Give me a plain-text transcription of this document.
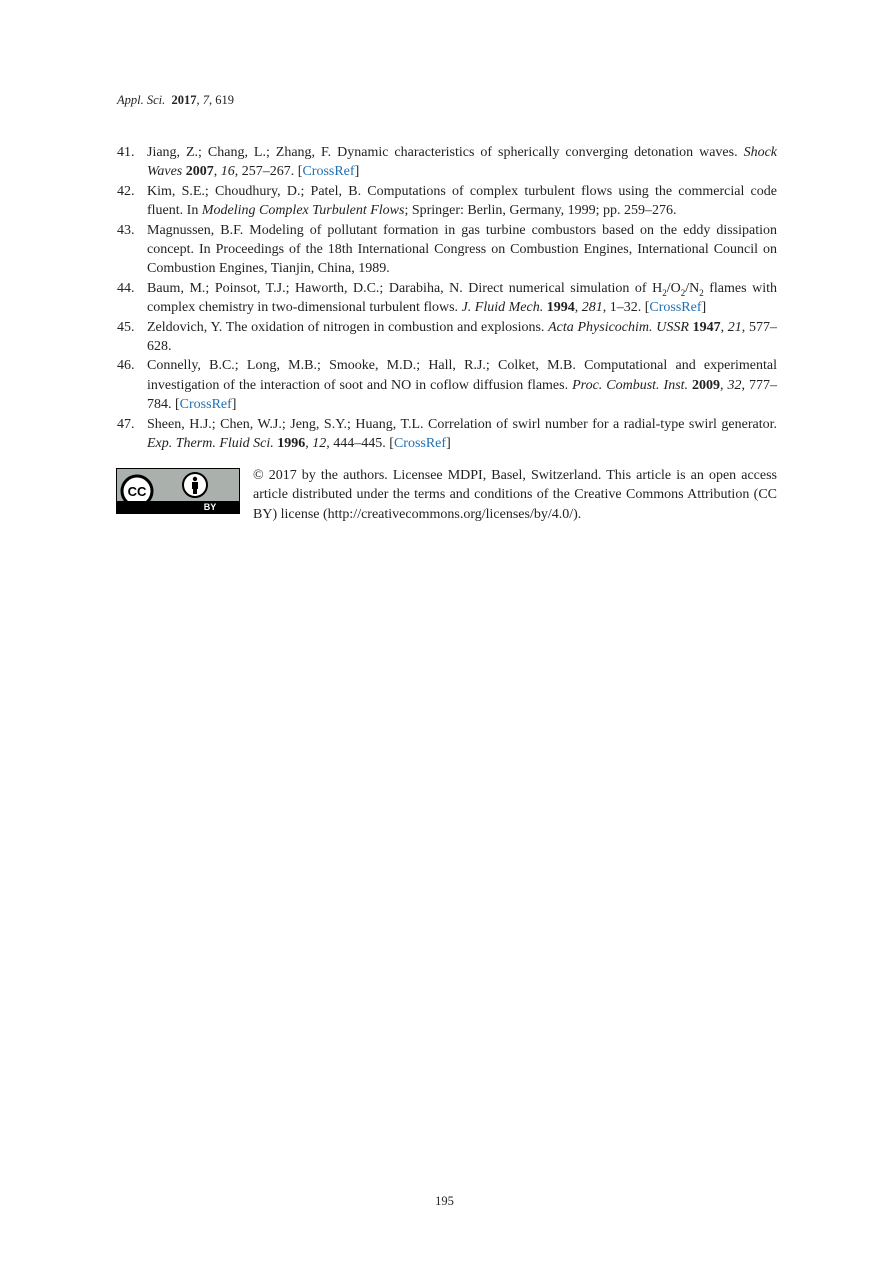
Appl. Sci. 2017, 7, 619
41. Jiang, Z.; Chang, L.; Zhang, F. Dynamic characteristics of spherically converging detonation waves. Shock Waves 2007, 16, 257–267. [CrossRef]
42. Kim, S.E.; Choudhury, D.; Patel, B. Computations of complex turbulent flows using the commercial code fluent. In Modeling Complex Turbulent Flows; Springer: Berlin, Germany, 1999; pp. 259–276.
43. Magnussen, B.F. Modeling of pollutant formation in gas turbine combustors based on the eddy dissipation concept. In Proceedings of the 18th International Congress on Combustion Engines, International Council on Combustion Engines, Tianjin, China, 1989.
44. Baum, M.; Poinsot, T.J.; Haworth, D.C.; Darabiha, N. Direct numerical simulation of $H_2/O_2/N_2$ flames with complex chemistry in two-dimensional turbulent flows. J. Fluid Mech. 1994, 281, 1–32. [CrossRef]
45. Zeldovich, Y. The oxidation of nitrogen in combustion and explosions. Acta Physicochim. USSR 1947, 21, 577–628.
46. Connelly, B.C.; Long, M.B.; Smooke, M.D.; Hall, R.J.; Colket, M.B. Computational and experimental investigation of the interaction of soot and NO in coflow diffusion flames. Proc. Combust. Inst. 2009, 32, 777–784. [CrossRef]
47. Sheen, H.J.; Chen, W.J.; Jeng, S.Y.; Huang, T.L. Correlation of swirl number for a radial-type swirl generator. Exp. Therm. Fluid Sci. 1996, 12, 444–445. [CrossRef]
CC
BY
© 2017 by the authors. Licensee MDPI, Basel, Switzerland. This article is an open access article distributed under the terms and conditions of the Creative Commons Attribution (CC BY) license (http://creativecommons.org/licenses/by/4.0/).
195
